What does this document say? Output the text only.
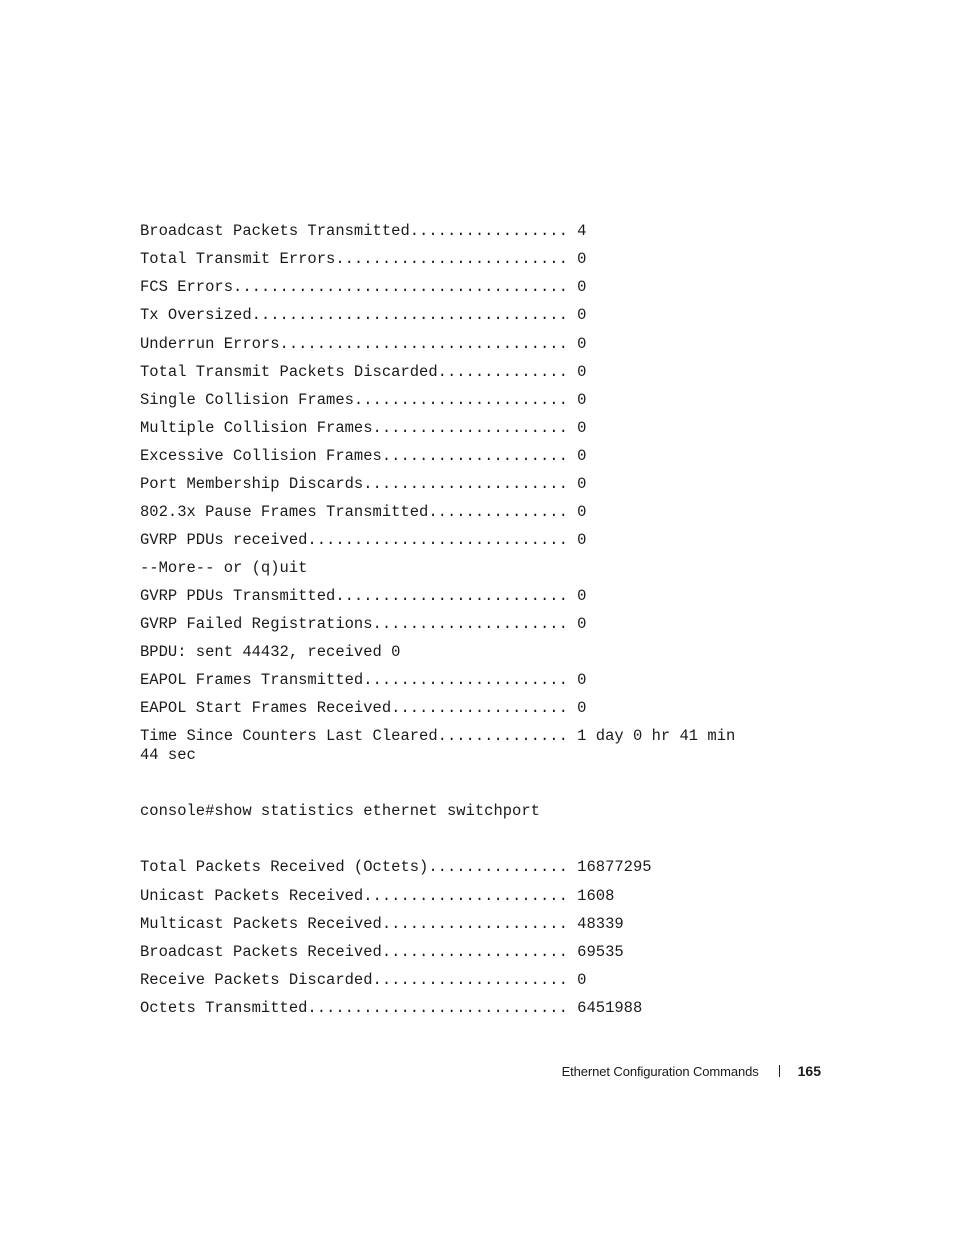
Broadcast Packets Transmitted................. 4
Total Transmit Errors......................... 0
FCS Errors.................................... 0
Tx Oversized.................................. 0
Underrun Errors............................... 0
Total Transmit Packets Discarded.............. 0
Single Collision Frames....................... 0
Multiple Collision Frames..................... 0
Excessive Collision Frames.................... 0
Port Membership Discards...................... 0
802.3x Pause Frames Transmitted............... 0
GVRP PDUs received............................ 0
--More-- or (q)uit
GVRP PDUs Transmitted......................... 0
GVRP Failed Registrations..................... 0
BPDU: sent 44432, received 0
EAPOL Frames Transmitted...................... 0
EAPOL Start Frames Received................... 0
Time Since Counters Last Cleared.............. 1 day 0 hr 41 min
44 sec
console#show statistics ethernet switchport
Total Packets Received (Octets)............... 16877295
Unicast Packets Received...................... 1608
Multicast Packets Received.................... 48339
Broadcast Packets Received.................... 69535
Receive Packets Discarded..................... 0
Octets Transmitted............................ 6451988
Ethernet Configuration Commands	165
